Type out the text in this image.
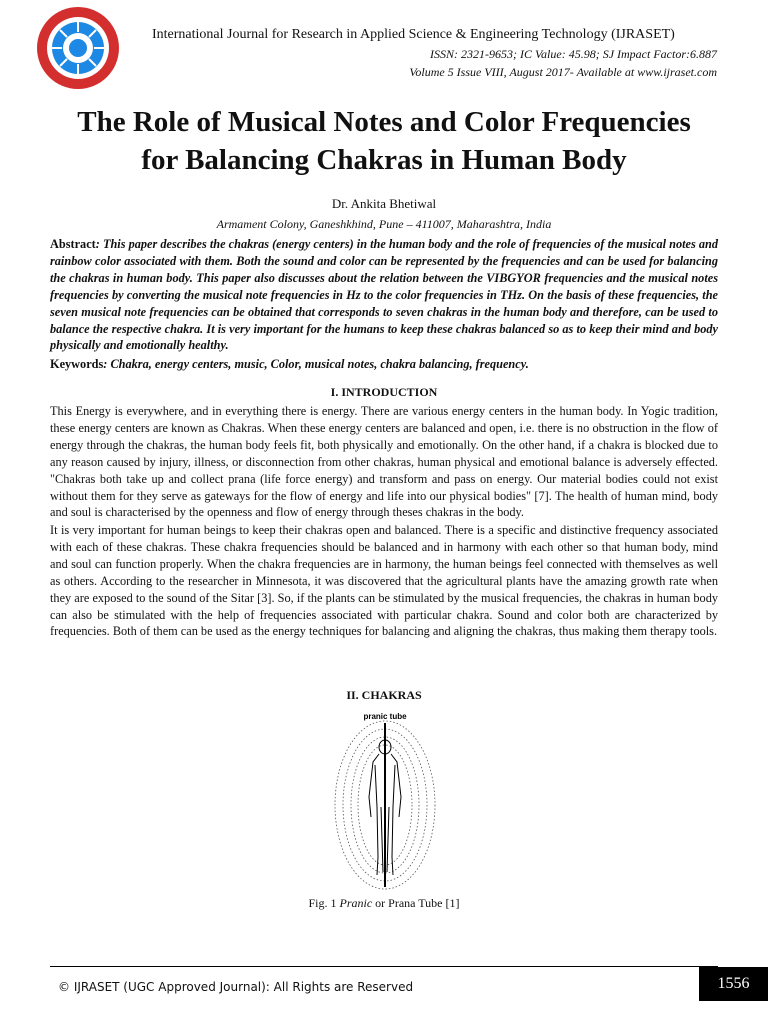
International Journal for Research in Applied Science & Engineering Technology (IJRASET)
ISSN: 2321-9653; IC Value: 45.98; SJ Impact Factor:6.887
Volume 5 Issue VIII, August 2017- Available at www.ijraset.com
The Role of Musical Notes and Color Frequencies
for Balancing Chakras in Human Body
Dr. Ankita Bhetiwal
Armament Colony, Ganeshkhind, Pune – 411007, Maharashtra, India

Abstract: This paper describes the chakras (energy centers) in the human body and the role of frequencies of the musical notes and rainbow color associated with them. Both the sound and color can be represented by the frequencies and can be used for balancing the chakras in human body. This paper also discusses about the relation between the VIBGYOR frequencies and the musical notes frequencies by converting the musical note frequencies in Hz to the color frequencies in THz. On the basis of these frequencies, the seven musical note frequencies can be obtained that corresponds to seven chakras in the human body and therefore, can be used to balance the respective chakra. It is very important for the humans to keep these chakras balanced so as to keep their mind and body physically and emotionally healthy.

Keywords: Chakra, energy centers, music, Color, musical notes, chakra balancing, frequency.

I. INTRODUCTION

This Energy is everywhere, and in everything there is energy. There are various energy centers in the human body. In Yogic tradition, these energy centers are known as Chakras. When these energy centers are balanced and open, i.e. there is no obstruction in the flow of energy through the chakras, the human body feels fit, both physically and emotionally. On the other hand, if a chakra is blocked due to any reason caused by injury, illness, or disconnection from other chakras, human physical and emotional balance is adversely effected. "Chakras both take up and collect prana (life force energy) and transform and pass on energy. Our material bodies could not exist without them for they serve as gateways for the flow of energy and life into our physical bodies" [7]. The health of human mind, body and soul is characterised by the openness and flow of energy through theses chakras in the body.

It is very important for human beings to keep their chakras open and balanced. There is a specific and distinctive frequency associated with each of these chakras. These chakra frequencies should be balanced and in harmony with each other so that human body, mind and soul can function properly. When the chakra frequencies are in harmony, the human beings feel connected with themselves as well as others. According to the researcher in Minnesota, it was discovered that the agricultural plants have the amazing growth rate when they are exposed to the sound of the Sitar [3]. So, if the plants can be stimulated by the musical frequencies, the chakras in human body can also be stimulated with the help of frequencies associated with particular chakra. Sound and color both are characterized by frequencies. Both of them can be used as the energy techniques for balancing and aligning the chakras, thus making them therapy tools.

II. CHAKRAS
pranic tube
Fig. 1 Pranic or Prana Tube [1]
© IJRASET (UGC Approved Journal): All Rights are Reserved	1556
